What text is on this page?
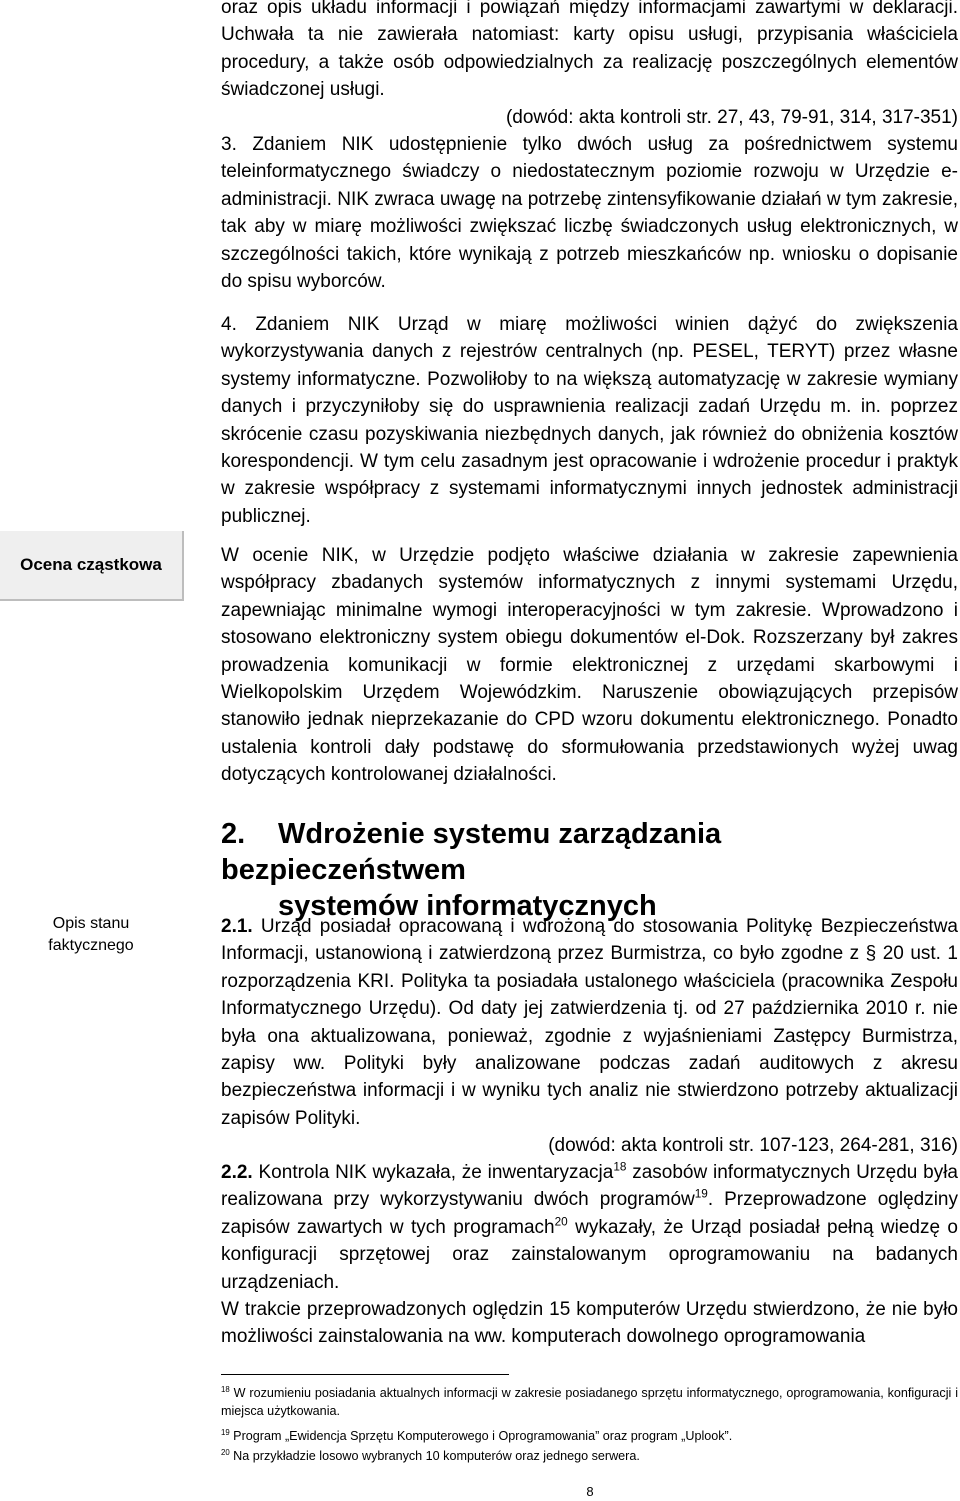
oraz opis układu informacji i powiązań między informacjami zawartymi w deklaracji. Uchwała ta nie zawierała natomiast: karty opisu usługi, przypisania właściciela procedury, a także osób odpowiedzialnych za realizację poszczególnych elementów świadczonej usługi.

(dowód: akta kontroli str. 27, 43, 79-91, 314, 317-351)

3. Zdaniem NIK udostępnienie tylko dwóch usług za pośrednictwem systemu teleinformatycznego świadczy o niedostatecznym poziomie rozwoju w Urzędzie e-administracji. NIK zwraca uwagę na potrzebę zintensyfikowanie działań w tym zakresie, tak aby w miarę możliwości zwiększać liczbę świadczonych usług elektronicznych, w szczególności takich, które wynikają z potrzeb mieszkańców np. wniosku o dopisanie do spisu wyborców.

4. Zdaniem NIK Urząd w miarę możliwości winien dążyć do zwiększenia wykorzystywania danych z rejestrów centralnych (np. PESEL, TERYT) przez własne systemy informatyczne. Pozwoliłoby to na większą automatyzację w zakresie wymiany danych i przyczyniłoby się do usprawnienia realizacji zadań Urzędu m. in. poprzez skrócenie czasu pozyskiwania niezbędnych danych, jak również do obniżenia kosztów korespondencji. W tym celu zasadnym jest opracowanie i wdrożenie procedur i praktyk w zakresie współpracy z systemami informatycznymi innych jednostek administracji publicznej.

Ocena cząstkowa	W ocenie NIK, w Urzędzie podjęto właściwe działania w zakresie zapewnienia współpracy zbadanych systemów informatycznych z innymi systemami Urzędu, zapewniając minimalne wymogi interoperacyjności w tym zakresie. Wprowadzono i stosowano elektroniczny system obiegu dokumentów el-Dok. Rozszerzany był zakres prowadzenia komunikacji w formie elektronicznej z urzędami skarbowymi i Wielkopolskim Urzędem Wojewódzkim. Naruszenie obowiązujących przepisów stanowiło jednak nieprzekazanie do CPD wzoru dokumentu elektronicznego. Ponadto ustalenia kontroli dały podstawę do sformułowania przedstawionych wyżej uwag dotyczących kontrolowanej działalności.

2. Wdrożenie systemu zarządzania bezpieczeństwem
systemów informatycznych
Opis stanu
faktycznego

2.1. Urząd posiadał opracowaną i wdrożoną do stosowania Politykę Bezpieczeństwa Informacji, ustanowioną i zatwierdzoną przez Burmistrza, co było zgodne z § 20 ust. 1 rozporządzenia KRI. Polityka ta posiadała ustalonego właściciela (pracownika Zespołu Informatycznego Urzędu). Od daty jej zatwierdzenia tj. od 27 października 2010 r. nie była ona aktualizowana, ponieważ, zgodnie z wyjaśnieniami Zastępcy Burmistrza, zapisy ww. Polityki były analizowane podczas zadań auditowych z akresu bezpieczeństwa informacji i w wyniku tych analiz nie stwierdzono potrzeby aktualizacji zapisów Polityki.

(dowód: akta kontroli str. 107-123, 264-281, 316)

2.2. Kontrola NIK wykazała, że inwentaryzacja$^{18}$ zasobów informatycznych Urzędu była realizowana przy wykorzystywaniu dwóch programów$^{19}$. Przeprowadzone oględziny zapisów zawartych w tych programach$^{20}$ wykazały, że Urząd posiadał pełną wiedzę o konfiguracji sprzętowej oraz zainstalowanym oprogramowaniu na badanych urządzeniach.

W trakcie przeprowadzonych oględzin 15 komputerów Urzędu stwierdzono, że nie było możliwości zainstalowania na ww. komputerach dowolnego oprogramowania

$^{18}$ W rozumieniu posiadania aktualnych informacji w zakresie posiadanego sprzętu informatycznego, oprogramowania, konfiguracji i miejsca użytkowania.
$^{19}$ Program „Ewidencja Sprzętu Komputerowego i Oprogramowania” oraz program „Uplook”.
$^{20}$ Na przykładzie losowo wybranych 10 komputerów oraz jednego serwera.
8
